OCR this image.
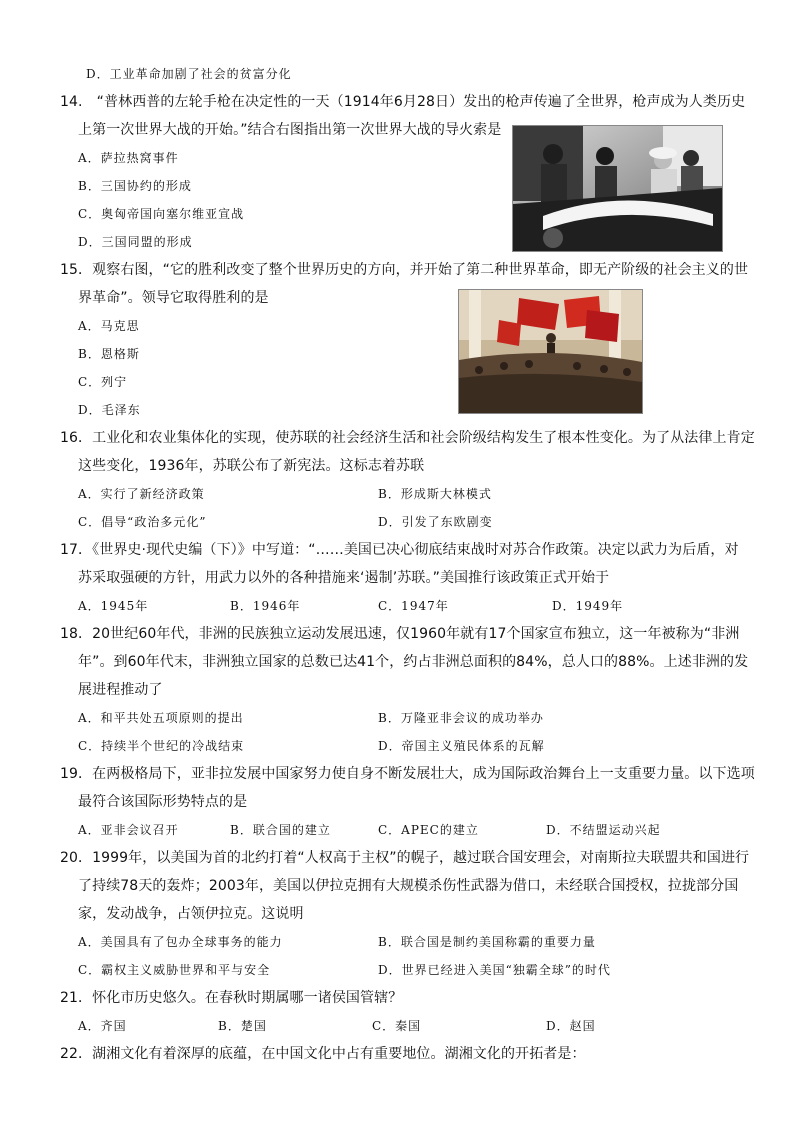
D．工业革命加剧了社会的贫富分化
14.　“普林西普的左轮手枪在决定性的一天（1914年6月28日）发出的枪声传遍了全世界，枪声成为人类历史
上第一次世界大战的开始。”结合右图指出第一次世界大战的导火索是
A．萨拉热窝事件
B．三国协约的形成
C．奥匈帝国向塞尔维亚宣战
D．三国同盟的形成
15．观察右图，“它的胜利改变了整个世界历史的方向，并开始了第二种世界革命，即无产阶级的社会主义的世
界革命”。领导它取得胜利的是
A．马克思
B．恩格斯
C．列宁
D．毛泽东
16．工业化和农业集体化的实现，使苏联的社会经济生活和社会阶级结构发生了根本性变化。为了从法律上肯定
这些变化，1936年，苏联公布了新宪法。这标志着苏联
A．实行了新经济政策	B．形成斯大林模式
C．倡导“政治多元化”	D．引发了东欧剧变
17．《世界史·现代史编（下）》中写道：“……美国已决心彻底结束战时对苏合作政策。决定以武力为后盾，对
苏采取强硬的方针，用武力以外的各种措施来‘遏制’苏联。”美国推行该政策正式开始于
A．1945年	B．1946年	C．1947年	D．1949年
18．20世纪60年代，非洲的民族独立运动发展迅速，仅1960年就有17个国家宣布独立，这一年被称为“非洲
年”。到60年代末，非洲独立国家的总数已达41个，约占非洲总面积的84%，总人口的88%。上述非洲的发
展进程推动了
A．和平共处五项原则的提出	B．万隆亚非会议的成功举办
C．持续半个世纪的冷战结束	D．帝国主义殖民体系的瓦解
19．在两极格局下，亚非拉发展中国家努力使自身不断发展壮大，成为国际政治舞台上一支重要力量。以下选项
最符合该国际形势特点的是
A．亚非会议召开	B．联合国的建立	C．APEC的建立	D．不结盟运动兴起
20．1999年，以美国为首的北约打着“人权高于主权”的幌子，越过联合国安理会，对南斯拉夫联盟共和国进行
了持续78天的轰炸；2003年，美国以伊拉克拥有大规模杀伤性武器为借口，未经联合国授权，拉拢部分国
家，发动战争，占领伊拉克。这说明
A．美国具有了包办全球事务的能力	B．联合国是制约美国称霸的重要力量
C．霸权主义威胁世界和平与安全	D．世界已经进入美国“独霸全球”的时代
21．怀化市历史悠久。在春秋时期属哪一诸侯国管辖？
A．齐国	B．楚国	C．秦国	D．赵国
22．湖湘文化有着深厚的底蕴，在中国文化中占有重要地位。湖湘文化的开拓者是：
